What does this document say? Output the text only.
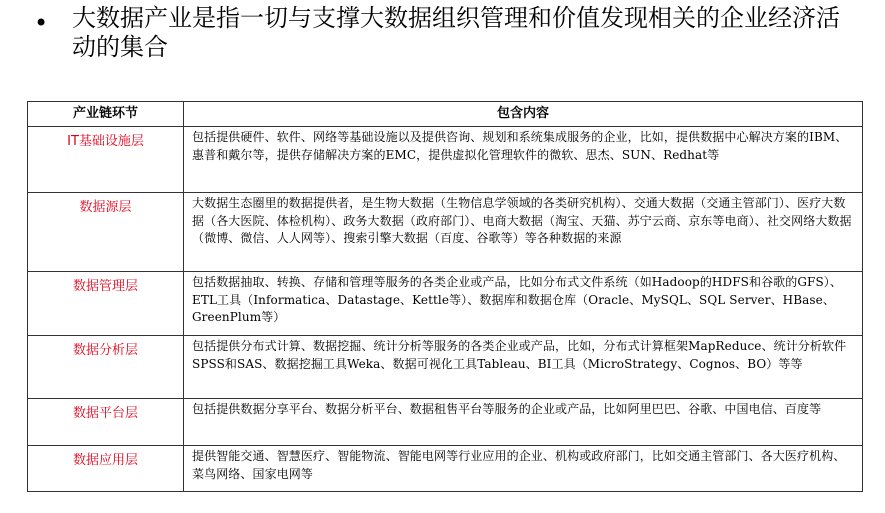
• 大数据产业是指一切与支撑大数据组织管理和价值发现相关的企业经济活动的集合
产业链环节	包含内容
IT基础设施层	包括提供硬件、软件、网络等基础设施以及提供咨询、规划和系统集成服务的企业，比如，提供数据中心解决方案的IBM、惠普和戴尔等，提供存储解决方案的EMC，提供虚拟化管理软件的微软、思杰、SUN、Redhat等
数据源层	大数据生态圈里的数据提供者，是生物大数据（生物信息学领域的各类研究机构）、交通大数据（交通主管部门）、医疗大数据（各大医院、体检机构）、政务大数据（政府部门）、电商大数据（淘宝、天猫、苏宁云商、京东等电商）、社交网络大数据（微博、微信、人人网等）、搜索引擎大数据（百度、谷歌等）等各种数据的来源
数据管理层	包括数据抽取、转换、存储和管理等服务的各类企业或产品，比如分布式文件系统（如Hadoop的HDFS和谷歌的GFS）、ETL工具（Informatica、Datastage、Kettle等）、数据库和数据仓库（Oracle、MySQL、SQL Server、HBase、GreenPlum等）
数据分析层	包括提供分布式计算、数据挖掘、统计分析等服务的各类企业或产品，比如，分布式计算框架MapReduce、统计分析软件SPSS和SAS、数据挖掘工具Weka、数据可视化工具Tableau、BI工具（MicroStrategy、Cognos、BO）等等
数据平台层	包括提供数据分享平台、数据分析平台、数据租售平台等服务的企业或产品，比如阿里巴巴、谷歌、中国电信、百度等
数据应用层	提供智能交通、智慧医疗、智能物流、智能电网等行业应用的企业、机构或政府部门，比如交通主管部门、各大医疗机构、菜鸟网络、国家电网等
